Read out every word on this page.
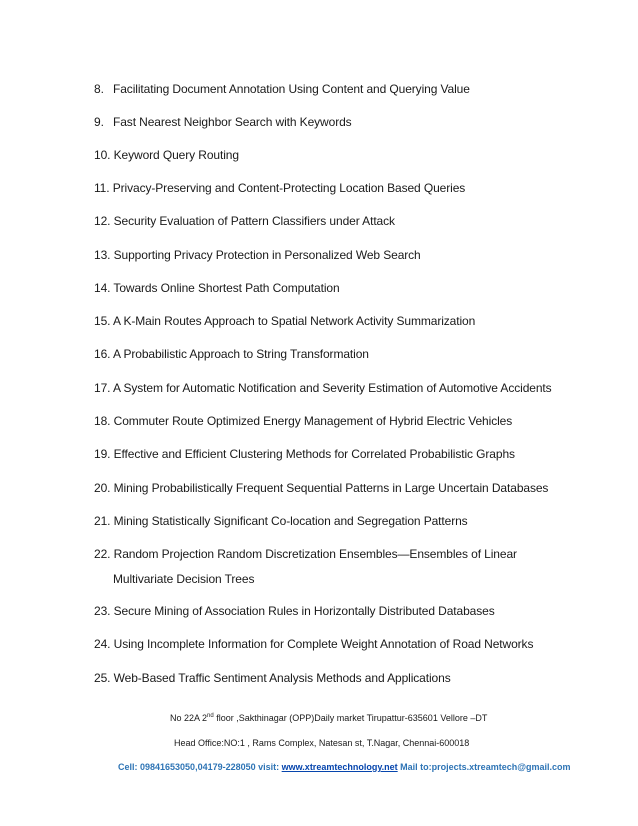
8. Facilitating Document Annotation Using Content and Querying Value
9. Fast Nearest Neighbor Search with Keywords
10. Keyword Query Routing
11. Privacy-Preserving and Content-Protecting Location Based Queries
12. Security Evaluation of Pattern Classifiers under Attack
13. Supporting Privacy Protection in Personalized Web Search
14. Towards Online Shortest Path Computation
15. A K-Main Routes Approach to Spatial Network Activity Summarization
16. A Probabilistic Approach to String Transformation
17. A System for Automatic Notification and Severity Estimation of Automotive Accidents
18. Commuter Route Optimized Energy Management of Hybrid Electric Vehicles
19. Effective and Efficient Clustering Methods for Correlated Probabilistic Graphs
20. Mining Probabilistically Frequent Sequential Patterns in Large Uncertain Databases
21. Mining Statistically Significant Co-location and Segregation Patterns
22. Random Projection Random Discretization Ensembles—Ensembles of Linear
Multivariate Decision Trees
23. Secure Mining of Association Rules in Horizontally Distributed Databases
24. Using Incomplete Information for Complete Weight Annotation of Road Networks
25. Web-Based Traffic Sentiment Analysis Methods and Applications
No 22A 2nd floor ,Sakthinagar (OPP)Daily market Tirupattur-635601 Vellore –DT
Head Office:NO:1 , Rams Complex, Natesan st, T.Nagar, Chennai-600018
Cell: 09841653050,04179-228050 visit: www.xtreamtechnology.net Mail to:projects.xtreamtech@gmail.com
